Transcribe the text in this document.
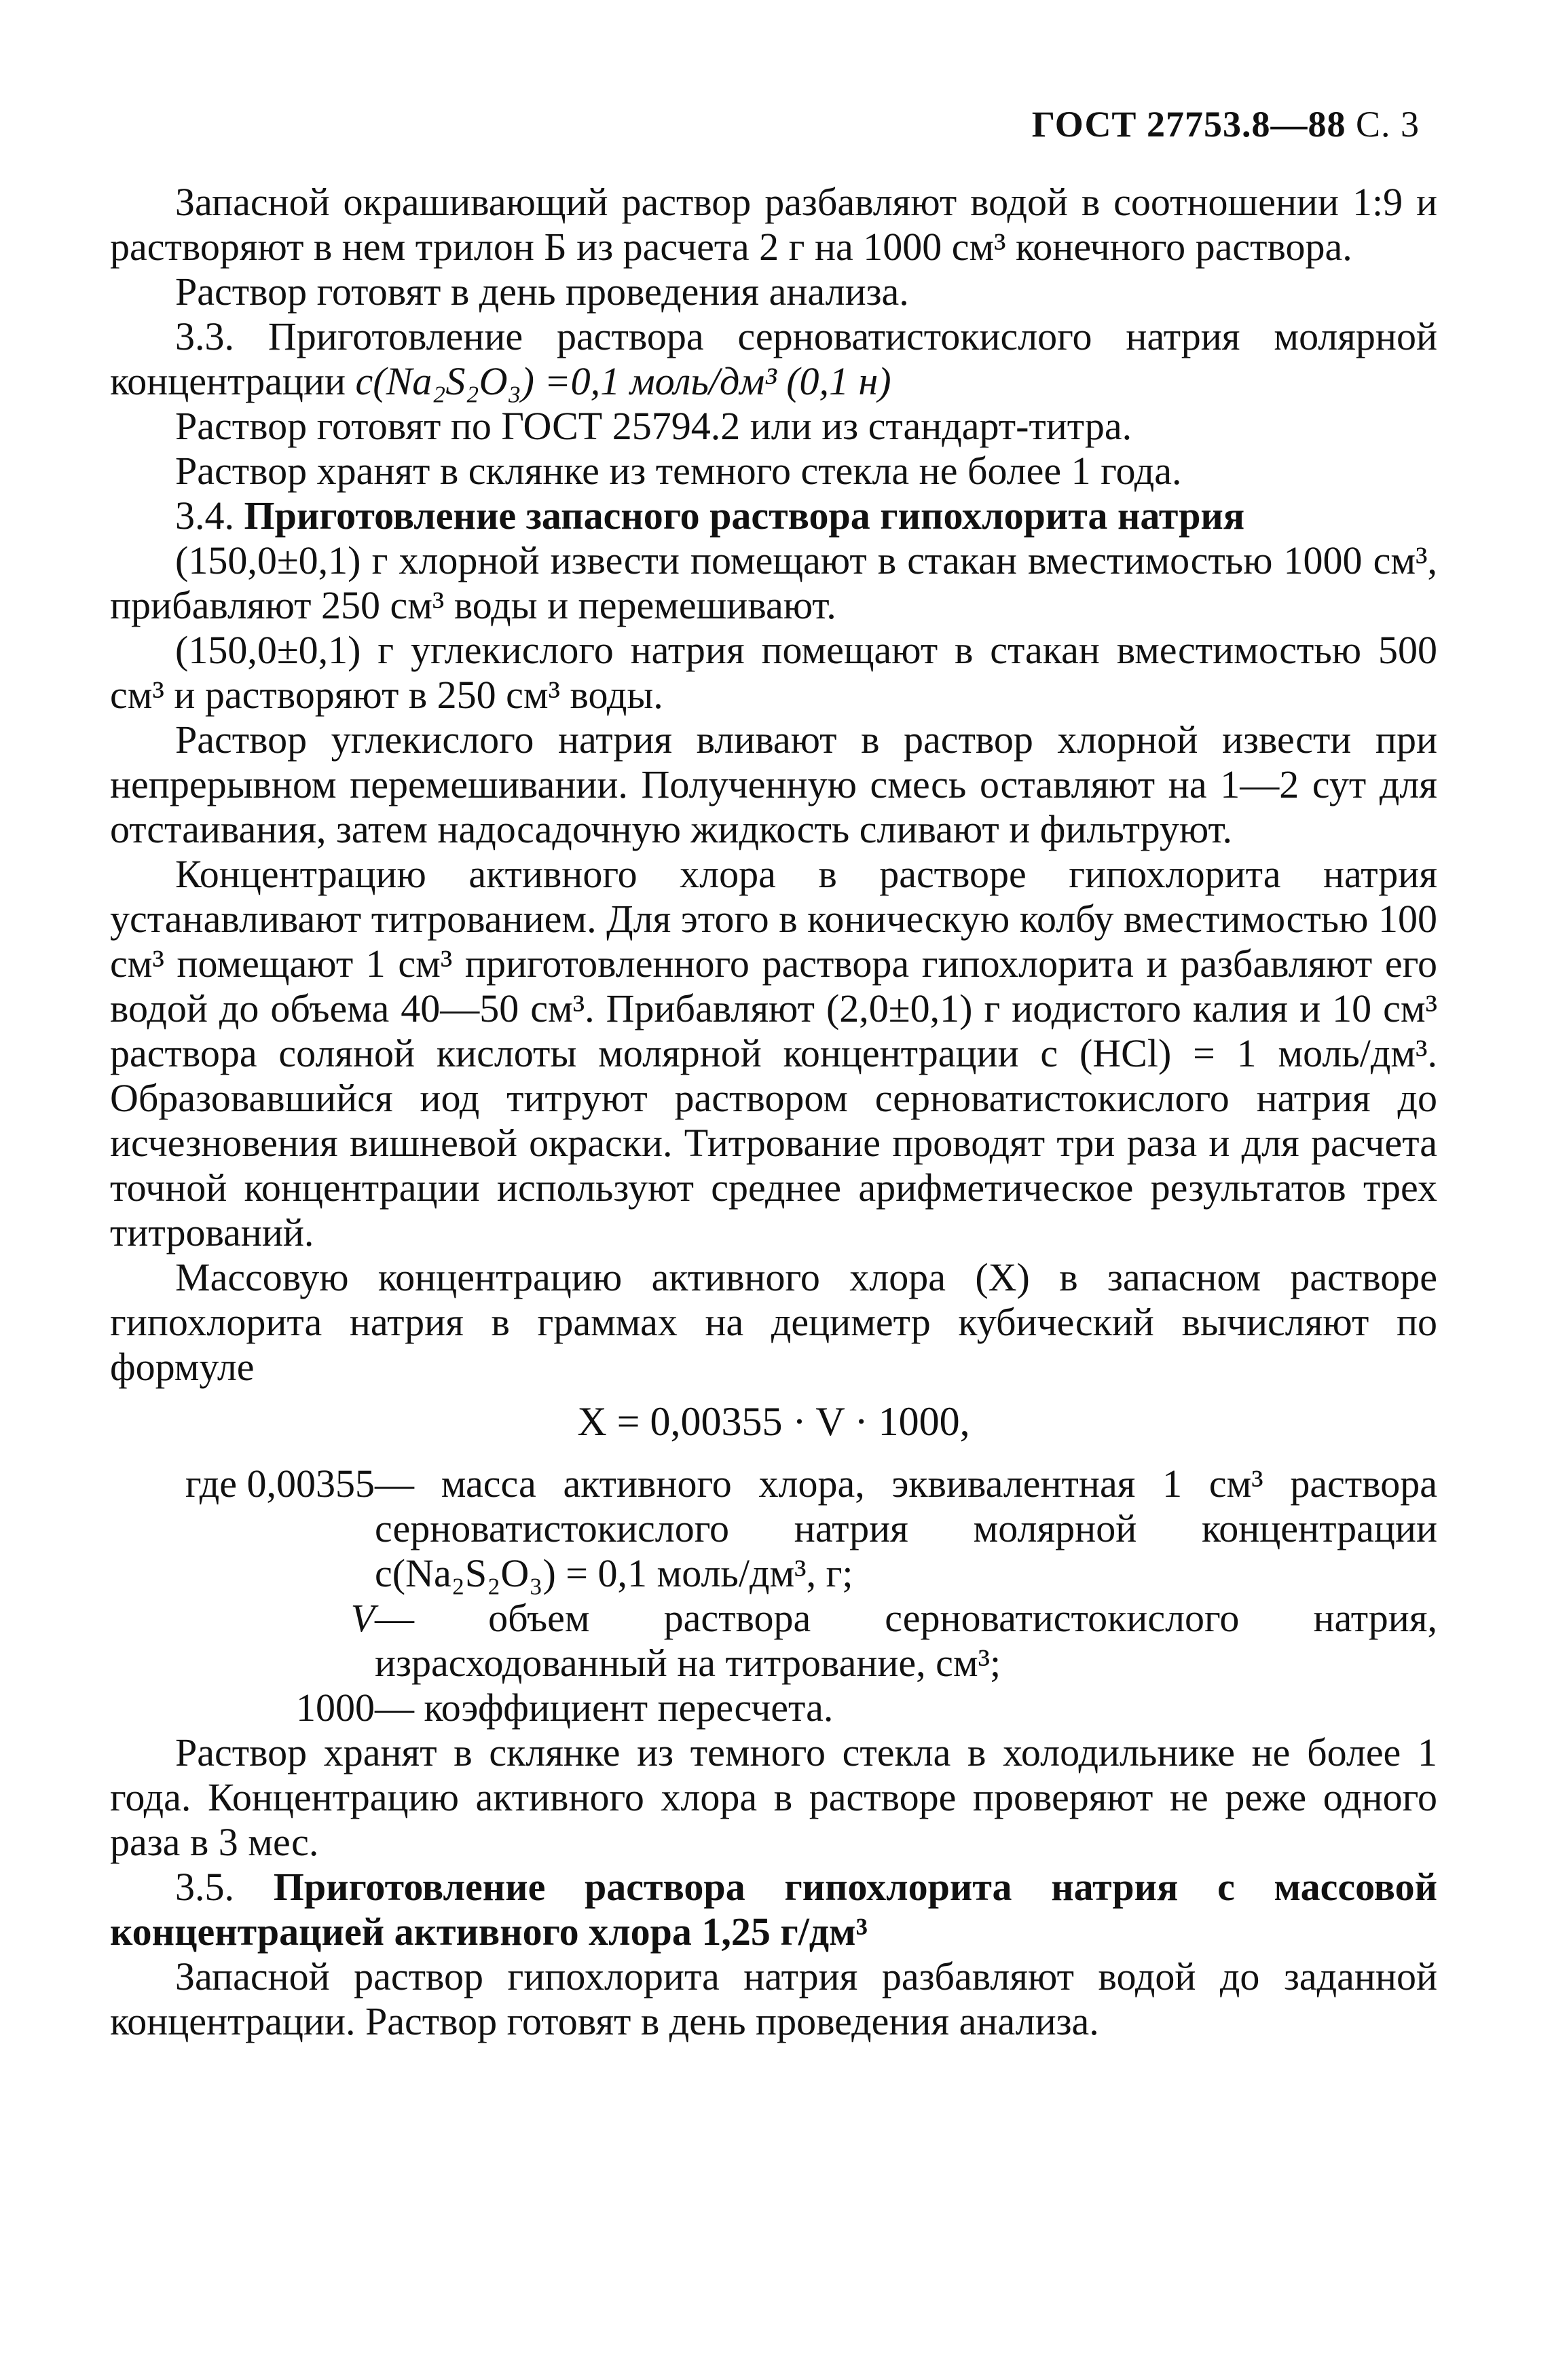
ГОСТ 27753.8—88 С. 3

Запасной окрашивающий раствор разбавляют водой в соотношении 1:9 и растворяют в нем трилон Б из расчета 2 г на 1000 см³ конечного раствора.

Раствор готовят в день проведения анализа.

3.3. Приготовление раствора серноватистокислого натрия молярной концентрации c(Na₂S₂O₃) =0,1 моль/дм³ (0,1 н)

Раствор готовят по ГОСТ 25794.2 или из стандарт-титра.

Раствор хранят в склянке из темного стекла не более 1 года.

3.4. Приготовление запасного раствора гипохлорита натрия

(150,0±0,1) г хлорной извести помещают в стакан вместимостью 1000 см³, прибавляют 250 см³ воды и перемешивают.

(150,0±0,1) г углекислого натрия помещают в стакан вместимостью 500 см³ и растворяют в 250 см³ воды.

Раствор углекислого натрия вливают в раствор хлорной извести при непрерывном перемешивании. Полученную смесь оставляют на 1—2 сут для отстаивания, затем надосадочную жидкость сливают и фильтруют.

Концентрацию активного хлора в растворе гипохлорита натрия устанавливают титрованием. Для этого в коническую колбу вместимостью 100 см³ помещают 1 см³ приготовленного раствора гипохлорита и разбавляют его водой до объема 40—50 см³. Прибавляют (2,0±0,1) г иодистого калия и 10 см³ раствора соляной кислоты молярной концентрации c (HCl) = 1 моль/дм³. Образовавшийся иод титруют раствором серноватистокислого натрия до исчезновения вишневой окраски. Титрование проводят три раза и для расчета точной концентрации используют среднее арифметическое результатов трех титрований.

Массовую концентрацию активного хлора (X) в запасном растворе гипохлорита натрия в граммах на дециметр кубический вычисляют по формуле

X = 0,00355 · V · 1000,
где 0,00355 — масса активного хлора, эквивалентная 1 см³ раствора серноватистокислого натрия молярной концентрации c(Na₂S₂O₃) = 0,1 моль/дм³, г;
V — объем раствора серноватистокислого натрия, израсходованный на титрование, см³;
1000 — коэффициент пересчета.

Раствор хранят в склянке из темного стекла в холодильнике не более 1 года. Концентрацию активного хлора в растворе проверяют не реже одного раза в 3 мес.

3.5. Приготовление раствора гипохлорита натрия с массовой концентрацией активного хлора 1,25 г/дм³

Запасной раствор гипохлорита натрия разбавляют водой до заданной концентрации. Раствор готовят в день проведения анализа.
